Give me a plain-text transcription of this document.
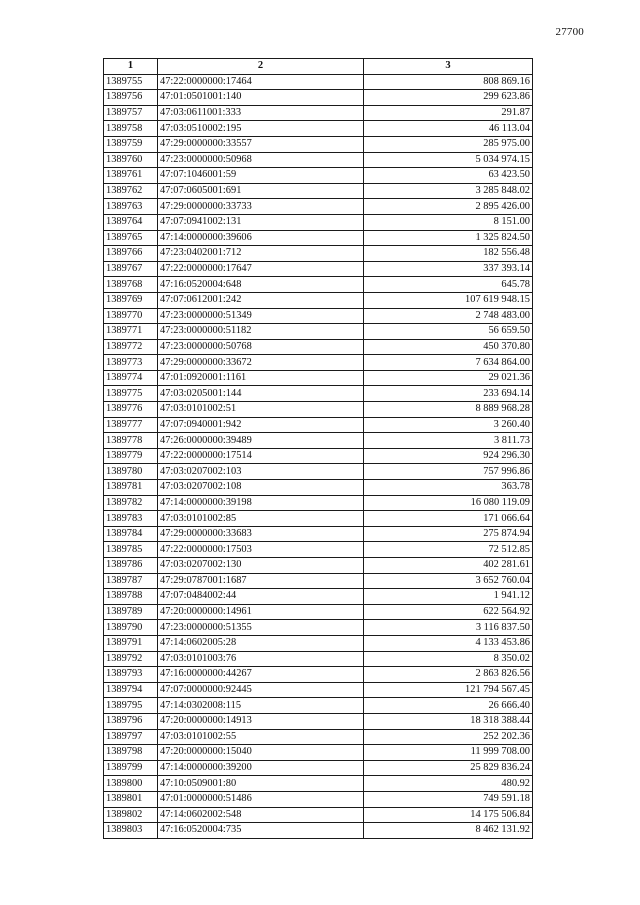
27700
1	2	3
1389755	47:22:0000000:17464	808 869.16
1389756	47:01:0501001:140	299 623.86
1389757	47:03:0611001:333	291.87
1389758	47:03:0510002:195	46 113.04
1389759	47:29:0000000:33557	285 975.00
1389760	47:23:0000000:50968	5 034 974.15
1389761	47:07:1046001:59	63 423.50
1389762	47:07:0605001:691	3 285 848.02
1389763	47:29:0000000:33733	2 895 426.00
1389764	47:07:0941002:131	8 151.00
1389765	47:14:0000000:39606	1 325 824.50
1389766	47:23:0402001:712	182 556.48
1389767	47:22:0000000:17647	337 393.14
1389768	47:16:0520004:648	645.78
1389769	47:07:0612001:242	107 619 948.15
1389770	47:23:0000000:51349	2 748 483.00
1389771	47:23:0000000:51182	56 659.50
1389772	47:23:0000000:50768	450 370.80
1389773	47:29:0000000:33672	7 634 864.00
1389774	47:01:0920001:1161	29 021.36
1389775	47:03:0205001:144	233 694.14
1389776	47:03:0101002:51	8 889 968.28
1389777	47:07:0940001:942	3 260.40
1389778	47:26:0000000:39489	3 811.73
1389779	47:22:0000000:17514	924 296.30
1389780	47:03:0207002:103	757 996.86
1389781	47:03:0207002:108	363.78
1389782	47:14:0000000:39198	16 080 119.09
1389783	47:03:0101002:85	171 066.64
1389784	47:29:0000000:33683	275 874.94
1389785	47:22:0000000:17503	72 512.85
1389786	47:03:0207002:130	402 281.61
1389787	47:29:0787001:1687	3 652 760.04
1389788	47:07:0484002:44	1 941.12
1389789	47:20:0000000:14961	622 564.92
1389790	47:23:0000000:51355	3 116 837.50
1389791	47:14:0602005:28	4 133 453.86
1389792	47:03:0101003:76	8 350.02
1389793	47:16:0000000:44267	2 863 826.56
1389794	47:07:0000000:92445	121 794 567.45
1389795	47:14:0302008:115	26 666.40
1389796	47:20:0000000:14913	18 318 388.44
1389797	47:03:0101002:55	252 202.36
1389798	47:20:0000000:15040	11 999 708.00
1389799	47:14:0000000:39200	25 829 836.24
1389800	47:10:0509001:80	480.92
1389801	47:01:0000000:51486	749 591.18
1389802	47:14:0602002:548	14 175 506.84
1389803	47:16:0520004:735	8 462 131.92
